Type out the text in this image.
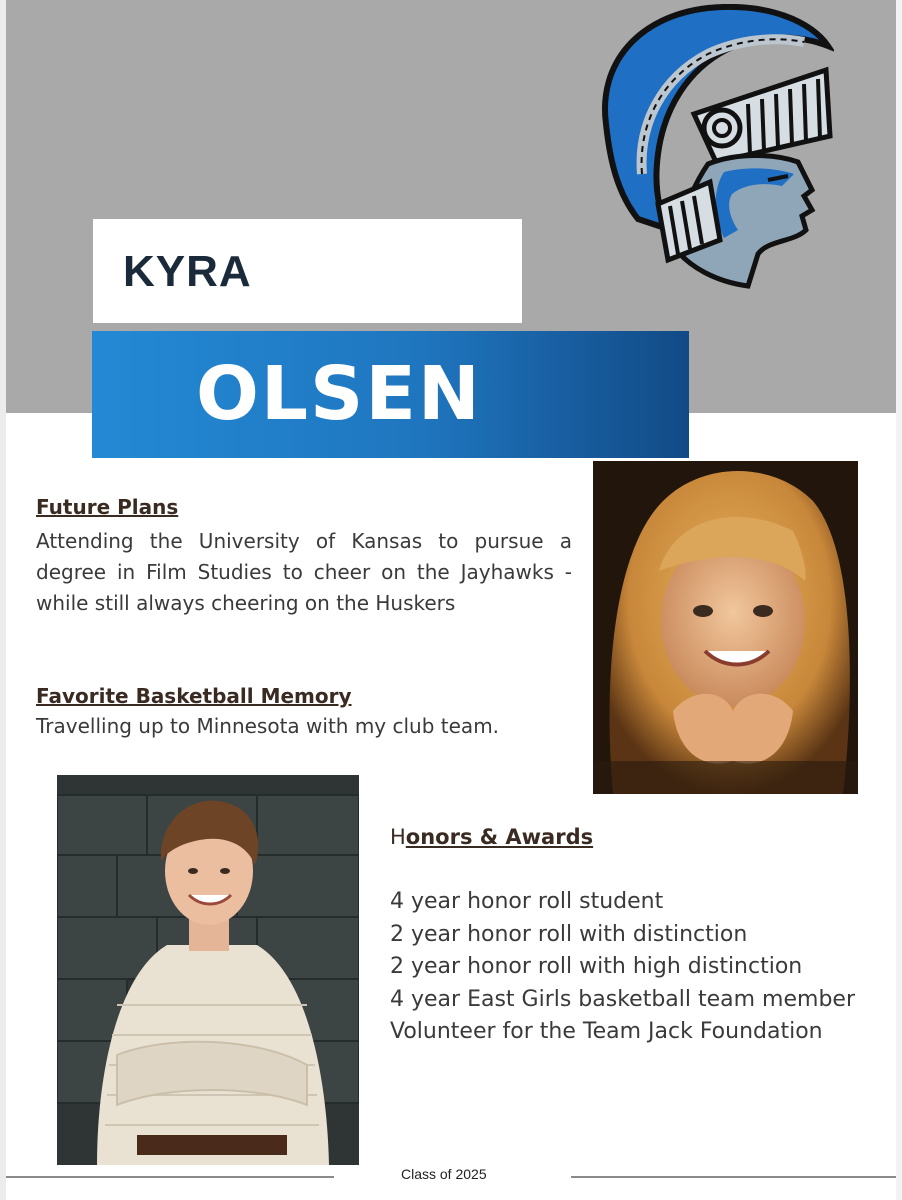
KYRA
OLSEN
Future Plans
Attending the University of Kansas to pursue a degree in Film Studies to cheer on the Jayhawks - while still always cheering on the Huskers
Favorite Basketball Memory
Travelling up to Minnesota with my club team.
Honors & Awards
4 year honor roll student
2 year honor roll with distinction
2 year honor roll with high distinction
4 year East Girls basketball team member
Volunteer for the Team Jack Foundation
Class of 2025
